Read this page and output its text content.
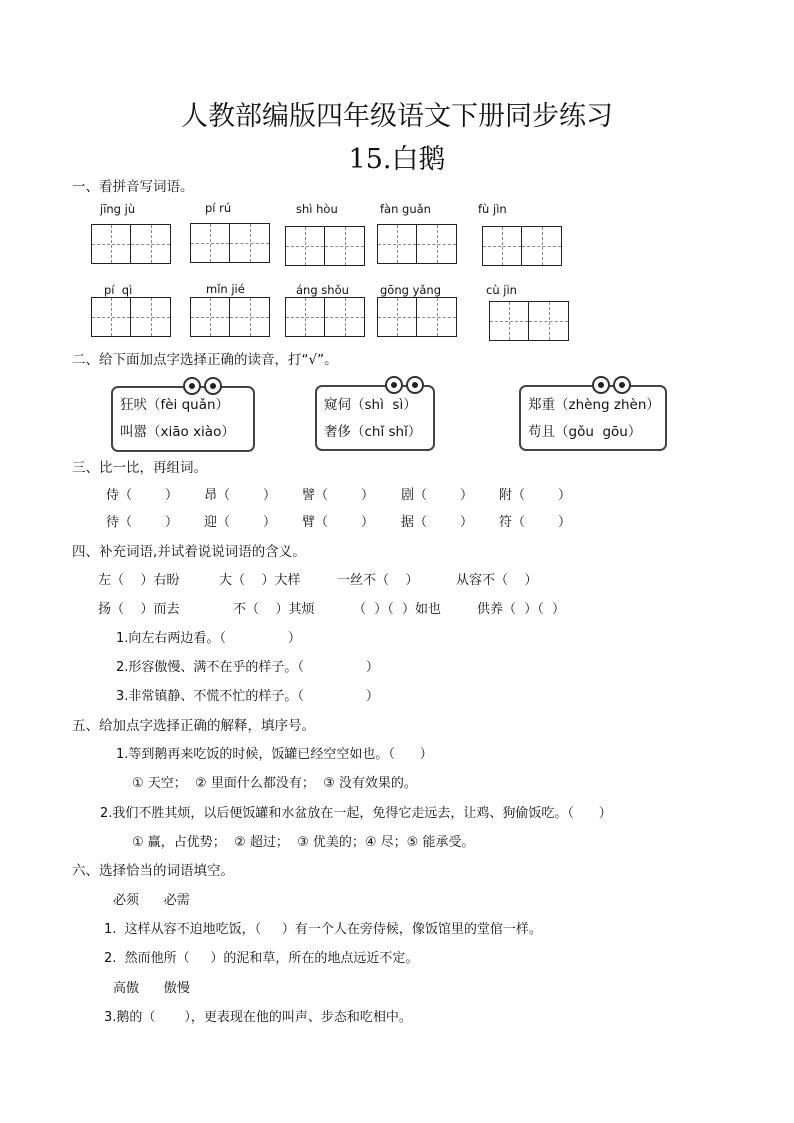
人教部编版四年级语文下册同步练习
15.白鹅
一、看拼音写词语。
jīng jù	pí rú	shì hòu	fàn guǎn	fù jìn
pí  qì	mǐn jié	áng shǒu	gōng yǎng	cù jìn
二、给下面加点字选择正确的读音，打“√”。
狂吠（fèi quǎn）
叫嚣（xiāo xiào）
窥伺（shì  sì）
奢侈（chǐ shǐ）
郑重（zhèng zhèn）
苟且（gǒu  gōu）
三、比一比，再组词。
侍（        ） 昂（        ） 譬（        ） 剧（        ） 附（        ）
待（        ） 迎（        ） 臂（        ） 据（        ） 符（        ）
四、补充词语,并试着说说词语的含义。
左（    ）右盼	大（    ）大样	一丝不（    ）	从容不（    ）
扬（    ）而去	不（    ）其烦	（  ）（  ）如也	供养（  ）（  ）
1.向左右两边看。（               ）
2.形容傲慢、满不在乎的样子。（               ）
3.非常镇静、不慌不忙的样子。（               ）
五、给加点字选择正确的解释，填序号。
1.等到鹅再来吃饭的时候，饭罐已经空空如也。（      ）
① 天空；  ② 里面什么都没有；  ③ 没有效果的。
2.我们不胜其烦，以后便饭罐和水盆放在一起，免得它走远去，让鸡、狗偷饭吃。（      ）
① 赢，占优势；  ② 超过；  ③ 优美的；④ 尽；⑤ 能承受。
六、选择恰当的词语填空。
必须      必需
1.  这样从容不迫地吃饭，（     ）有一个人在旁侍候，像饭馆里的堂倌一样。
2.  然而他所（     ）的泥和草，所在的地点远近不定。
高傲      傲慢
3.鹅的（       ），更表现在他的叫声、步态和吃相中。
